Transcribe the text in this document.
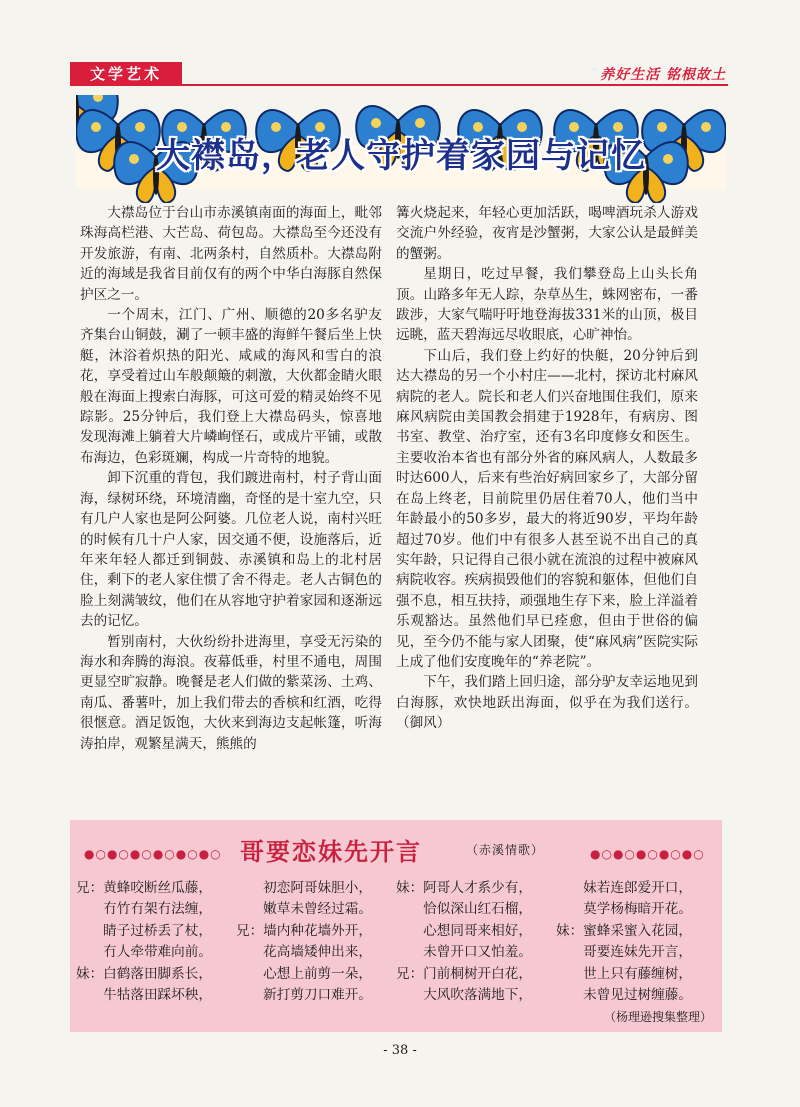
文学艺术	养好生活 铭根故土
大襟岛，老人守护着家园与记忆

大襟岛位于台山市赤溪镇南面的海面上，毗邻珠海高栏港、大芒岛、荷包岛。大襟岛至今还没有开发旅游，有南、北两条村，自然质朴。大襟岛附近的海域是我省目前仅有的两个中华白海豚自然保护区之一。

一个周末，江门、广州、顺德的20多名驴友齐集台山铜鼓，涮了一顿丰盛的海鲜午餐后坐上快艇，沐浴着炽热的阳光、咸咸的海风和雪白的浪花，享受着过山车般颠簸的刺激，大伙都金睛火眼般在海面上搜索白海豚，可这可爱的精灵始终不见踪影。25分钟后，我们登上大襟岛码头，惊喜地发现海滩上躺着大片嶙峋怪石，或成片平铺，或散布海边，色彩斑斓，构成一片奇特的地貌。

卸下沉重的背包，我们踱进南村，村子背山面海，绿树环绕，环境清幽，奇怪的是十室九空，只有几户人家也是阿公阿婆。几位老人说，南村兴旺的时候有几十户人家，因交通不便，设施落后，近年来年轻人都迁到铜鼓、赤溪镇和岛上的北村居住，剩下的老人家住惯了舍不得走。老人古铜色的脸上刻满皱纹，他们在从容地守护着家园和逐渐远去的记忆。

暂别南村，大伙纷纷扑进海里，享受无污染的海水和奔腾的海浪。夜幕低垂，村里不通电，周围更显空旷寂静。晚餐是老人们做的紫菜汤、土鸡、南瓜、番薯叶，加上我们带去的香槟和红酒，吃得很惬意。酒足饭饱，大伙来到海边支起帐篷，听海涛拍岸，观繁星满天，熊熊的

篝火烧起来，年轻心更加活跃，喝啤酒玩杀人游戏交流户外经验，夜宵是沙蟹粥，大家公认是最鲜美的蟹粥。

星期日，吃过早餐，我们攀登岛上山头长角顶。山路多年无人踪，杂草丛生，蛛网密布，一番跋涉，大家气喘吁吁地登海拔331米的山顶，极目远眺，蓝天碧海远尽收眼底，心旷神怡。

下山后，我们登上约好的快艇，20分钟后到达大襟岛的另一个小村庄——北村，探访北村麻风病院的老人。院长和老人们兴奋地围住我们，原来麻风病院由美国教会捐建于1928年，有病房、图书室、教堂、治疗室，还有3名印度修女和医生。主要收治本省也有部分外省的麻风病人，人数最多时达600人，后来有些治好病回家乡了，大部分留在岛上终老，目前院里仍居住着70人，他们当中年龄最小的50多岁，最大的将近90岁，平均年龄超过70岁。他们中有很多人甚至说不出自己的真实年龄，只记得自己很小就在流浪的过程中被麻风病院收容。疾病损毁他们的容貌和躯体，但他们自强不息，相互扶持，顽强地生存下来，脸上洋溢着乐观豁达。虽然他们早已痊愈，但由于世俗的偏见，至今仍不能与家人团聚，使“麻风病”医院实际上成了他们安度晚年的“养老院”。

下午，我们踏上回归途，部分驴友幸运地见到白海豚，欢快地跃出海面，似乎在为我们送行。（御风）

●○●○●○●○●○●○ 哥要恋妹先开言	（赤溪情歌）	●○●○●○●○●○
兄：黄蜂咬断丝瓜藤，
　　冇竹冇架冇法缠，
　　睛子过桥丢了杖，
　　冇人牵带难向前。
妹：白鹤落田脚系长，
　　牛牯落田踩坏秧，
　　初恋阿哥妹胆小，
　　嫩草未曾经过霜。
兄：墙内种花墙外开，
　　花高墙矮伸出来，
　　心想上前剪一朵，
　　新打剪刀口难开。
妹：阿哥人才系少有，
　　恰似深山红石榴，
　　心想同哥来相好，
　　未曾开口又怕羞。
兄：门前桐树开白花，
　　大风吹落满地下，
　　妹若连郎爱开口，
　　莫学杨梅暗开花。
妹：蜜蜂采蜜入花园，
　　哥要连妹先开言，
　　世上只有藤缠树，
　　未曾见过树缠藤。
（杨理逊搜集整理）
- 38 -
